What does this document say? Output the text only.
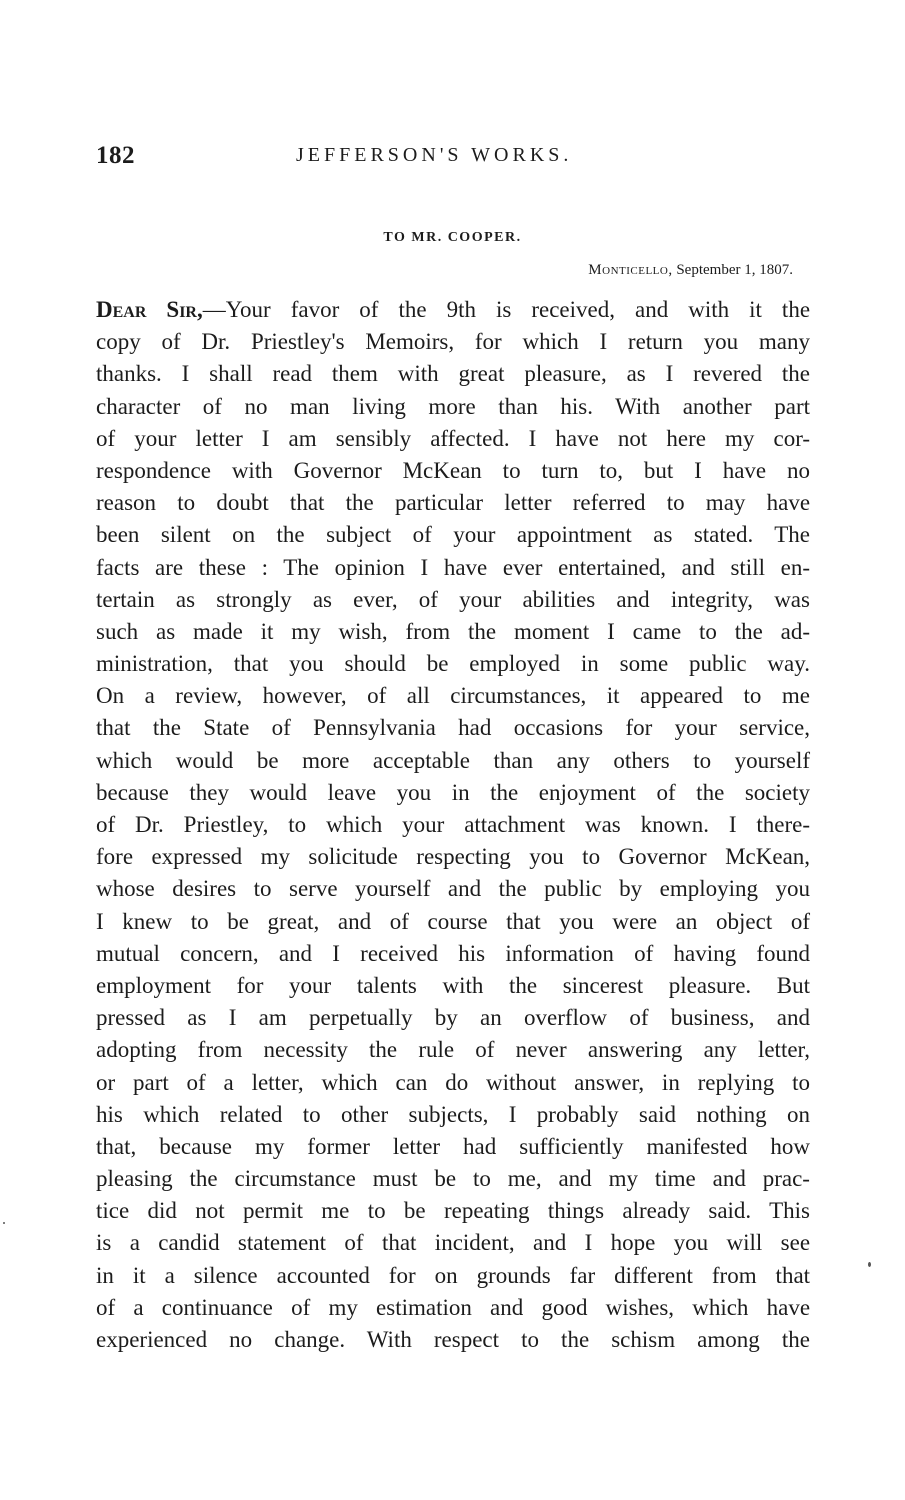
182	JEFFERSON'S WORKS.
TO MR. COOPER.
Monticello, September 1, 1807.
Dear Sir,—Your favor of the 9th is received, and with it the
copy of Dr. Priestley's Memoirs, for which I return you many
thanks. I shall read them with great pleasure, as I revered the
character of no man living more than his. With another part
of your letter I am sensibly affected. I have not here my cor-
respondence with Governor McKean to turn to, but I have no
reason to doubt that the particular letter referred to may have
been silent on the subject of your appointment as stated. The
facts are these : The opinion I have ever entertained, and still en-
tertain as strongly as ever, of your abilities and integrity, was
such as made it my wish, from the moment I came to the ad-
ministration, that you should be employed in some public way.
On a review, however, of all circumstances, it appeared to me
that the State of Pennsylvania had occasions for your service,
which would be more acceptable than any others to yourself
because they would leave you in the enjoyment of the society
of Dr. Priestley, to which your attachment was known. I there-
fore expressed my solicitude respecting you to Governor McKean,
whose desires to serve yourself and the public by employing you
I knew to be great, and of course that you were an object of
mutual concern, and I received his information of having found
employment for your talents with the sincerest pleasure. But
pressed as I am perpetually by an overflow of business, and
adopting from necessity the rule of never answering any letter,
or part of a letter, which can do without answer, in replying to
his which related to other subjects, I probably said nothing on
that, because my former letter had sufficiently manifested how
pleasing the circumstance must be to me, and my time and prac-
tice did not permit me to be repeating things already said. This
is a candid statement of that incident, and I hope you will see
in it a silence accounted for on grounds far different from that
of a continuance of my estimation and good wishes, which have
experienced no change. With respect to the schism among the
